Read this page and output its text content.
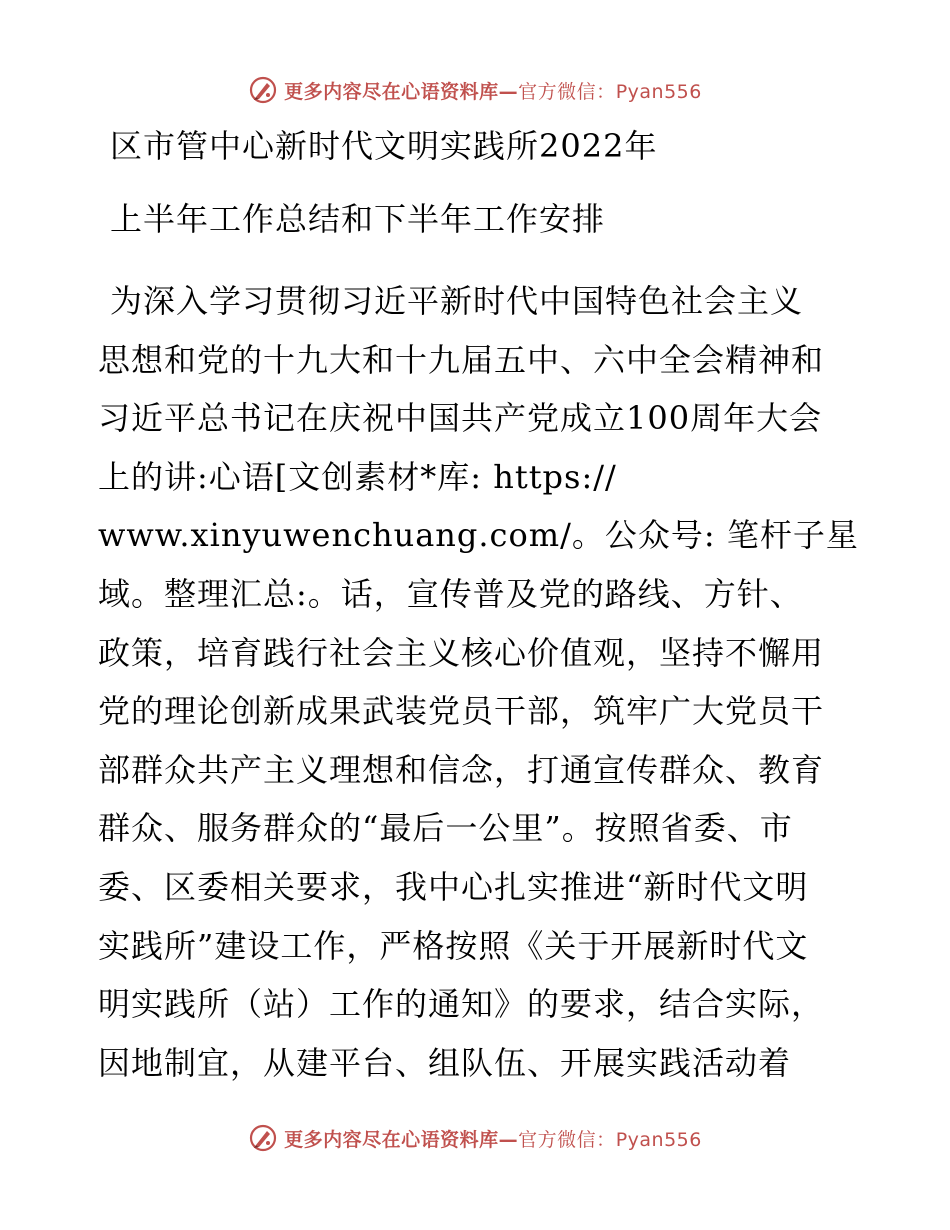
更多内容尽在心语资料库—官方微信：Pyan556
区市管中心新时代文明实践所2022年
上半年工作总结和下半年工作安排
为深入学习贯彻习近平新时代中国特色社会主义
思想和党的十九大和十九届五中、六中全会精神和
习近平总书记在庆祝中国共产党成立100周年大会
上的讲:心语[文创素材*库: https://
www.xinyuwenchuang.com/。公众号: 笔杆子星
域。整理汇总:。话，宣传普及党的路线、方针、
政策，培育践行社会主义核心价值观，坚持不懈用
党的理论创新成果武装党员干部，筑牢广大党员干
部群众共产主义理想和信念，打通宣传群众、教育
群众、服务群众的“最后一公里”。按照省委、市
委、区委相关要求，我中心扎实推进“新时代文明
实践所”建设工作，严格按照《关于开展新时代文
明实践所（站）工作的通知》的要求，结合实际，
因地制宜，从建平台、组队伍、开展实践活动着
更多内容尽在心语资料库—官方微信：Pyan556
